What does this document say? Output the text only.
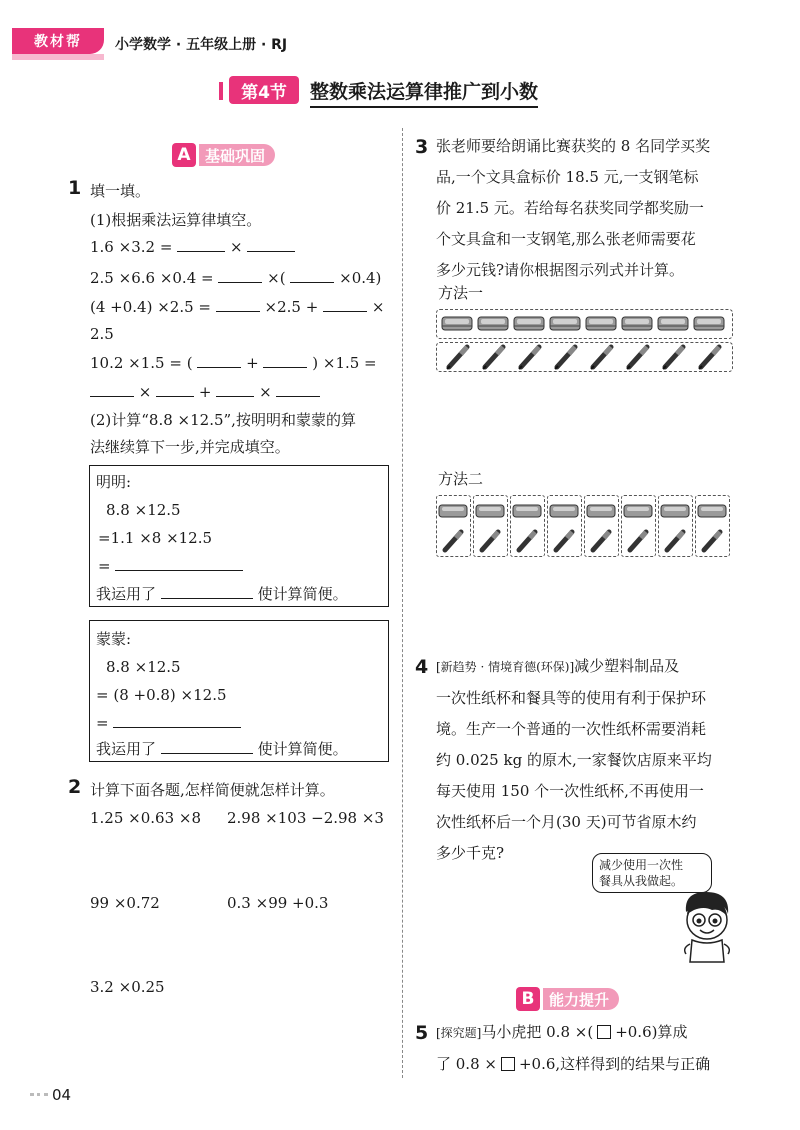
教材帮	小学数学 · 五年级上册 · RJ
第4节	整数乘法运算律推广到小数
A 基础巩固
1 填一填。
(1)根据乘法运算律填空。
1.6 ×3.2 =	×
2.5 ×6.6 ×0.4 =	×(	×0.4)
(4 +0.4) ×2.5 =	×2.5 +	×
2.5
10.2 ×1.5 = (	+	) ×1.5 =
×	+	×
(2)计算“8.8 ×12.5”,按明明和蒙蒙的算
法继续算下一步,并完成填空。
明明:
8.8 ×12.5
=1.1 ×8 ×12.5
=
我运用了	使计算简便。
蒙蒙:
8.8 ×12.5
= (8 +0.8) ×12.5
=
我运用了	使计算简便。
2 计算下面各题,怎样简便就怎样计算。
1.25 ×0.63 ×8 2.98 ×103 −2.98 ×3
99 ×0.72	0.3 ×99 +0.3
3.2 ×0.25
3 张老师要给朗诵比赛获奖的 8 名同学买奖
品,一个文具盒标价 18.5 元,一支钢笔标
价 21.5 元。若给每名获奖同学都奖励一
个文具盒和一支钢笔,那么张老师需要花
多少元钱?请你根据图示列式并计算。
方法一
方法二
4 [新趋势 · 情境育德(环保)]减少塑料制品及
一次性纸杯和餐具等的使用有利于保护环
境。生产一个普通的一次性纸杯需要消耗
约 0.025 kg 的原木,一家餐饮店原来平均
每天使用 150 个一次性纸杯,不再使用一
次性纸杯后一个月(30 天)可节省原木约
多少千克?
减少使用一次性
餐具从我做起。
B 能力提升
5 [探究题]马小虎把 0.8 ×( +0.6)算成
了 0.8 × +0.6,这样得到的结果与正确
04
